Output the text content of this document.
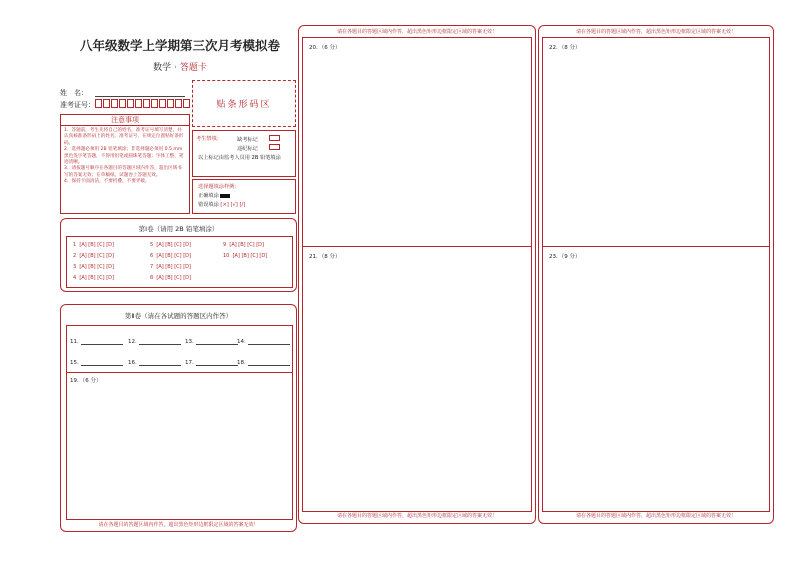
八年级数学上学期第三次月考模拟卷
数学 · 答题卡
姓　名：
准考证号：	贴条形码区
注意事项
1．答题前，考生先将自己的姓名，准考证号填写清楚，并认真核准条形码上的姓名、准考证号，在规定位置贴好条形码。
2．选择题必须用 2B 铅笔填涂；非选择题必须用 0.5 mm 黑色签字笔答题，不得用铅笔或圆珠笔答题；字体工整、笔迹清晰。
3．请按题号顺序在各题目的答题区域内作答，超出区域书写的答案无效；在草稿纸、试题卷上答题无效。
4．保持卡面清洁，不要折叠、不要弄破。
考生禁填：	缺考标记
违纪标记
以上标记由监考人员用 2B 铅笔填涂
选择题填涂样例：
正确填涂
错误填涂 [×] [√] [/]
第Ⅰ卷（请用 2B 铅笔填涂）
1 [A] [B] [C] [D]
2 [A] [B] [C] [D]
3 [A] [B] [C] [D]
4 [A] [B] [C] [D]
5 [A] [B] [C] [D]
6 [A] [B] [C] [D]
7 [A] [B] [C] [D]
8 [A] [B] [C] [D]
9 [A] [B] [C] [D]
10 [A] [B] [C] [D]
第Ⅱ卷（请在各试题的答题区内作答）
11.	12.	13.	14.
15.	16.	17.	18.
19．（6 分）
请在各题目的答题区域内作答，超出黑色矩形边框限定区域的答案无效！
请在各题目的答题区域内作答，超出黑色矩形边框限定区域的答案无效！
20．（6 分）
21．（8 分）
请在各题目的答题区域内作答，超出黑色矩形边框限定区域的答案无效！
请在各题目的答题区域内作答，超出黑色矩形边框限定区域的答案无效！
22．（8 分）
23．（9 分）
请在各题目的答题区域内作答，超出黑色矩形边框限定区域的答案无效！
